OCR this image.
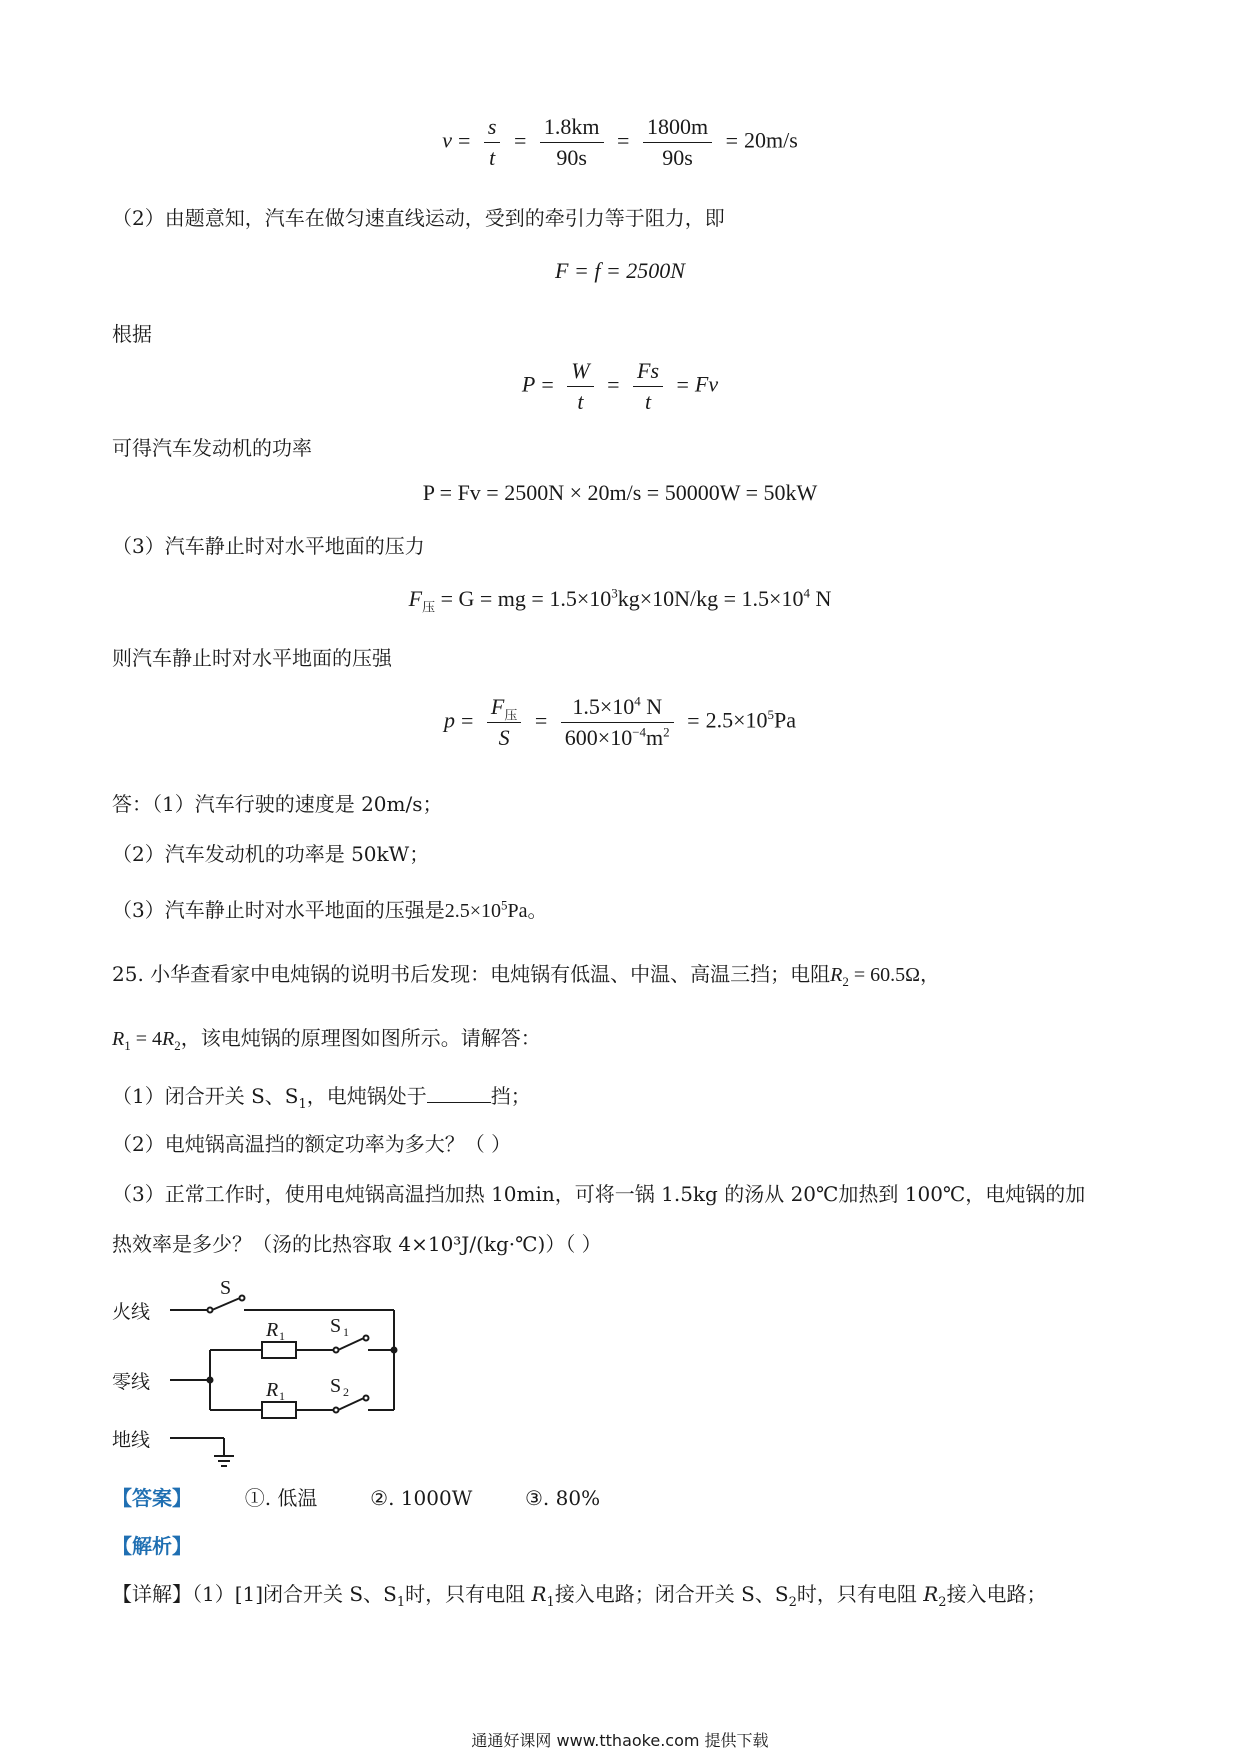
$v = \frac{s}{t} = \frac{1.8km}{90s} = \frac{1800m}{90s} = 20m/s$
（2）由题意知，汽车在做匀速直线运动，受到的牵引力等于阻力，即
F = f = 2500N
根据
$P = \frac{W}{t} = \frac{Fs}{t} = Fv$
可得汽车发动机的功率
P = Fv = 2500N × 20m/s = 50000W = 50kW
（3）汽车静止时对水平地面的压力
$F_压 = G$ = mg = $1.5\times 10^3kg\times 10N/kg = 1.5\times 10^4$ N
则汽车静止时对水平地面的压强
$p = \frac{F_压}{S} = \frac{1.5\times 10^4 N}{600\times 10^{-4}m^2} = 2.5\times 10^5Pa$
答：（1）汽车行驶的速度是 20m/s；
（2）汽车发动机的功率是 50kW；
（3）汽车静止时对水平地面的压强是$2.5\times 10^5Pa$。
25. 小华查看家中电炖锅的说明书后发现：电炖锅有低温、中温、高温三挡；电阻$R_2 = 60.5\Omega$，
$R_1 = 4R_2$，该电炖锅的原理图如图所示。请解答：
（1）闭合开关 S、$S_1$，电炖锅处于	挡；
（2）电炖锅高温挡的额定功率为多大？（ ）
（3）正常工作时，使用电炖锅高温挡加热 10min，可将一锅 1.5kg 的汤从 20℃加热到 100℃，电炖锅的加
热效率是多少？（汤的比热容取 4×10³J/(kg·℃)）（ ）
火线
零线
地线
S
R 1 S 1
R 1 S 2
【答案】	①. 低温	②. 1000W	③. 80%
【解析】
【详解】（1）[1]闭合开关 S、$S_1$时，只有电阻 $R_1$接入电路；闭合开关 S、$S_2$时，只有电阻 $R_2$接入电路；
通通好课网 www.tthaoke.com 提供下载
